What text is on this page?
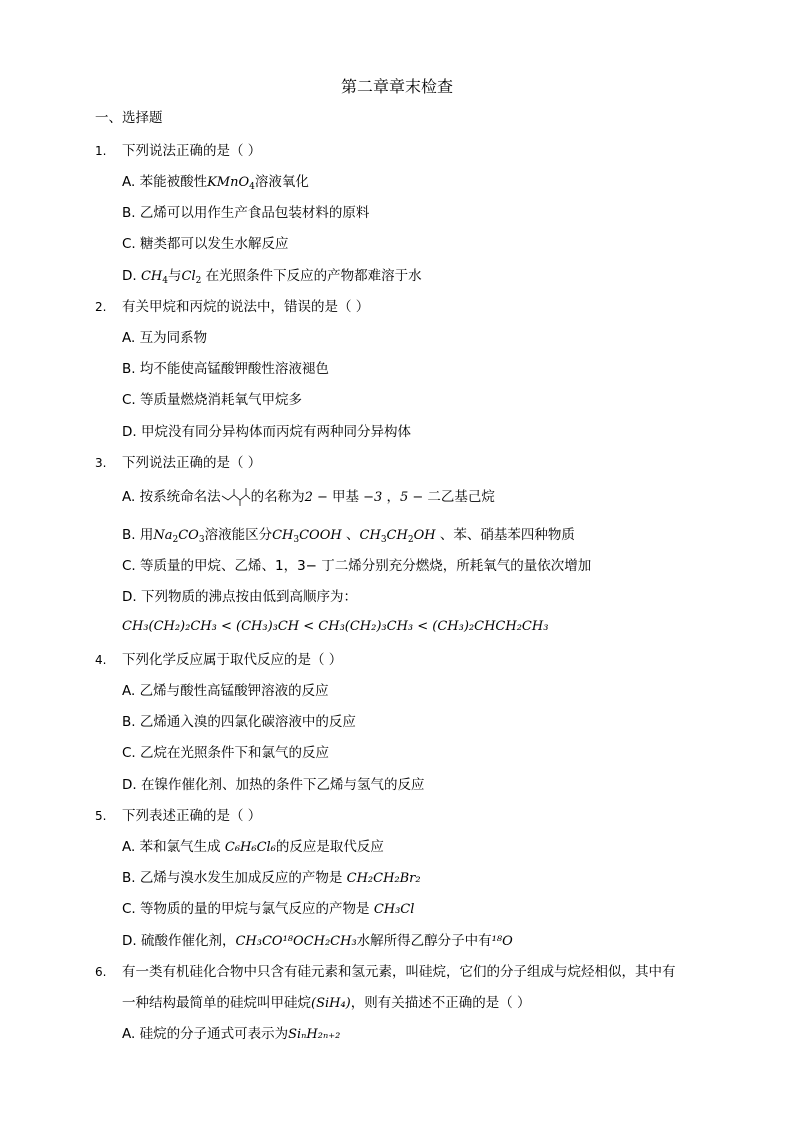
第二章章末检查
一、选择题
1. 下列说法正确的是（ ）
A. 苯能被酸性KMnO$_4$溶液氧化
B. 乙烯可以用作生产食品包装材料的原料
C. 糖类都可以发生水解反应
D. $CH_4$与$Cl_2$ 在光照条件下反应的产物都难溶于水
2. 有关甲烷和丙烷的说法中，错误的是（ ）
A. 互为同系物
B. 均不能使高锰酸钾酸性溶液褪色
C. 等质量燃烧消耗氧气甲烷多
D. 甲烷没有同分异构体而丙烷有两种同分异构体
3. 下列说法正确的是（ ）
A. 按系统命名法 的名称为2 − 甲基 −3 ，5 − 二乙基己烷
B. 用$Na_2CO_3$溶液能区分$CH_3COOH$ 、$CH_3CH_2OH$ 、苯、硝基苯四种物质
C. 等质量的甲烷、乙烯、1，3− 丁二烯分别充分燃烧，所耗氧气的量依次增加
D. 下列物质的沸点按由低到高顺序为：
CH₃(CH₂)₂CH₃ < (CH₃)₃CH < CH₃(CH₂)₃CH₃ < (CH₃)₂CHCH₂CH₃
4. 下列化学反应属于取代反应的是（ ）
A. 乙烯与酸性高锰酸钾溶液的反应
B. 乙烯通入溴的四氯化碳溶液中的反应
C. 乙烷在光照条件下和氯气的反应
D. 在镍作催化剂、加热的条件下乙烯与氢气的反应
5. 下列表述正确的是（ ）
A. 苯和氯气生成 C₆H₆Cl₆的反应是取代反应
B. 乙烯与溴水发生加成反应的产物是 CH₂CH₂Br₂
C. 等物质的量的甲烷与氯气反应的产物是 CH₃Cl
D. 硫酸作催化剂，CH₃CO¹⁸OCH₂CH₃水解所得乙醇分子中有¹⁸O
6. 有一类有机硅化合物中只含有硅元素和氢元素，叫硅烷，它们的分子组成与烷烃相似，其中有
一种结构最简单的硅烷叫甲硅烷(SiH₄)，则有关描述不正确的是（ ）
A. 硅烷的分子通式可表示为SiₙH₂ₙ₊₂
